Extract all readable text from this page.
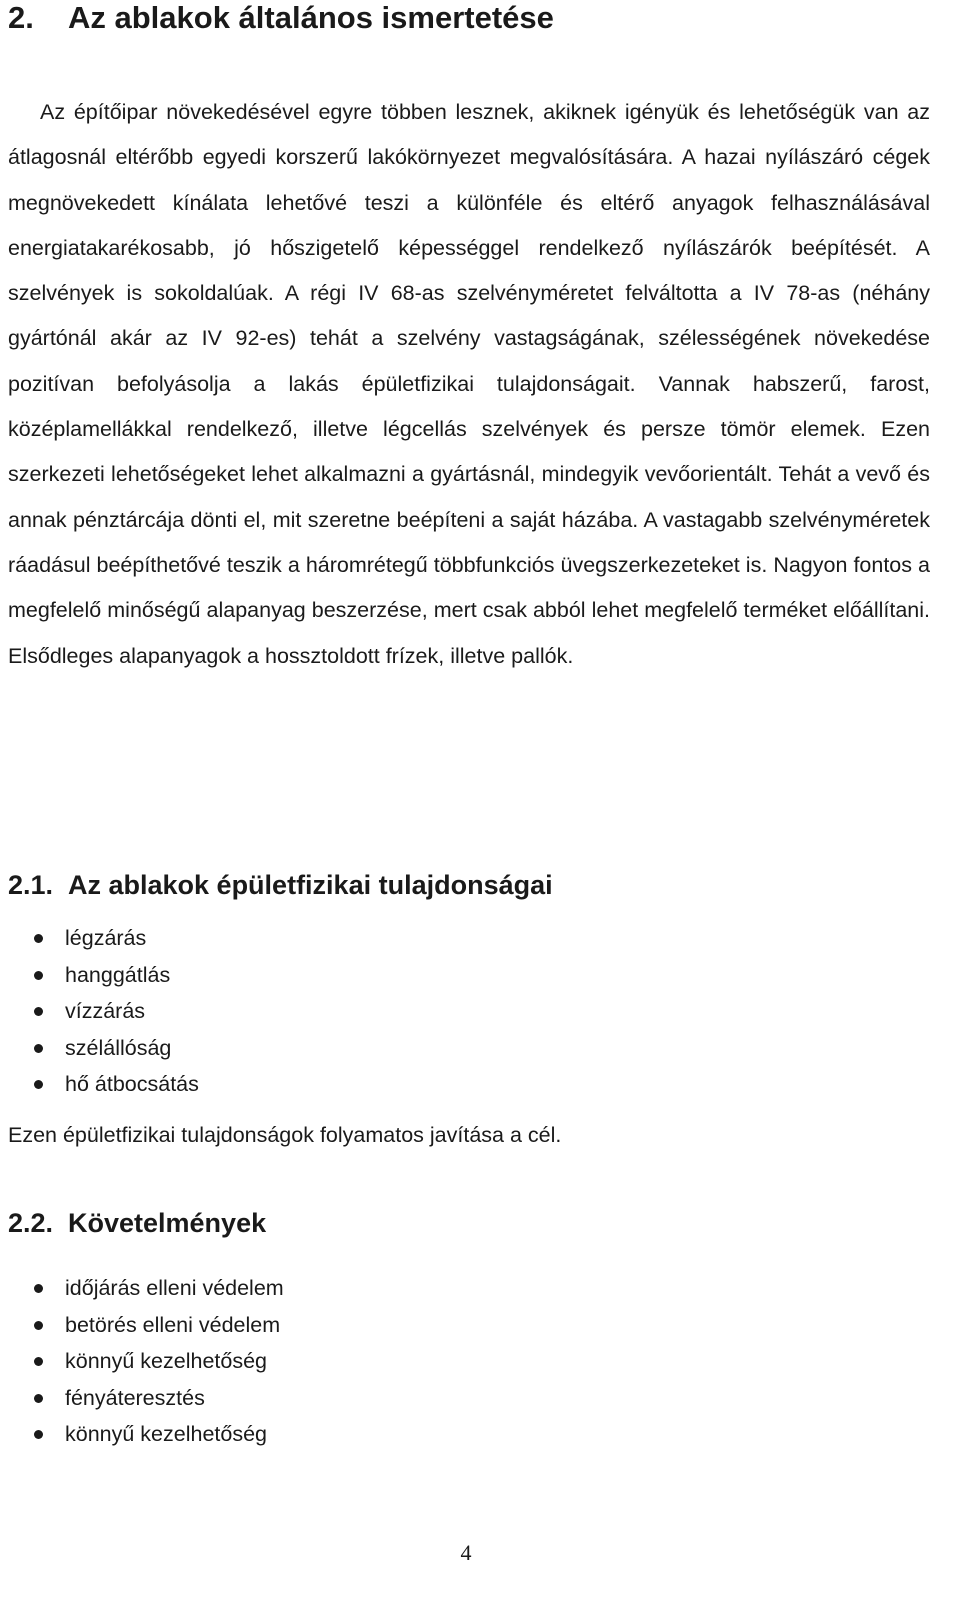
2. Az ablakok általános ismertetése

Az építőipar növekedésével egyre többen lesznek, akiknek igényük és lehetőségük van az átlagosnál eltérőbb egyedi korszerű lakókörnyezet megvalósítására. A hazai nyílászáró cégek megnövekedett kínálata lehetővé teszi a különféle és eltérő anyagok felhasználásával energiatakarékosabb, jó hőszigetelő képességgel rendelkező nyílászárók beépítését. A szelvények is sokoldalúak. A régi IV 68-as szelvényméretet felváltotta a IV 78-as (néhány gyártónál akár az IV 92-es) tehát a szelvény vastagságának, szélességének növekedése pozitívan befolyásolja a lakás épületfizikai tulajdonságait. Vannak habszerű, farost, középlamellákkal rendelkező, illetve légcellás szelvények és persze tömör elemek. Ezen szerkezeti lehetőségeket lehet alkalmazni a gyártásnál, mindegyik vevőorientált. Tehát a vevő és annak pénztárcája dönti el, mit szeretne beépíteni a saját házába. A vastagabb szelvényméretek ráadásul beépíthetővé teszik a háromrétegű többfunkciós üvegszerkezeteket is. Nagyon fontos a megfelelő minőségű alapanyag beszerzése, mert csak abból lehet megfelelő terméket előállítani. Elsődleges alapanyagok a hossztoldott frízek, illetve pallók.

2.1. Az ablakok épületfizikai tulajdonságai
légzárás
hanggátlás
vízzárás
szélállóság
hő átbocsátás

Ezen épületfizikai tulajdonságok folyamatos javítása a cél.

2.2. Követelmények
időjárás elleni védelem
betörés elleni védelem
könnyű kezelhetőség
fényáteresztés
könnyű kezelhetőség
4
